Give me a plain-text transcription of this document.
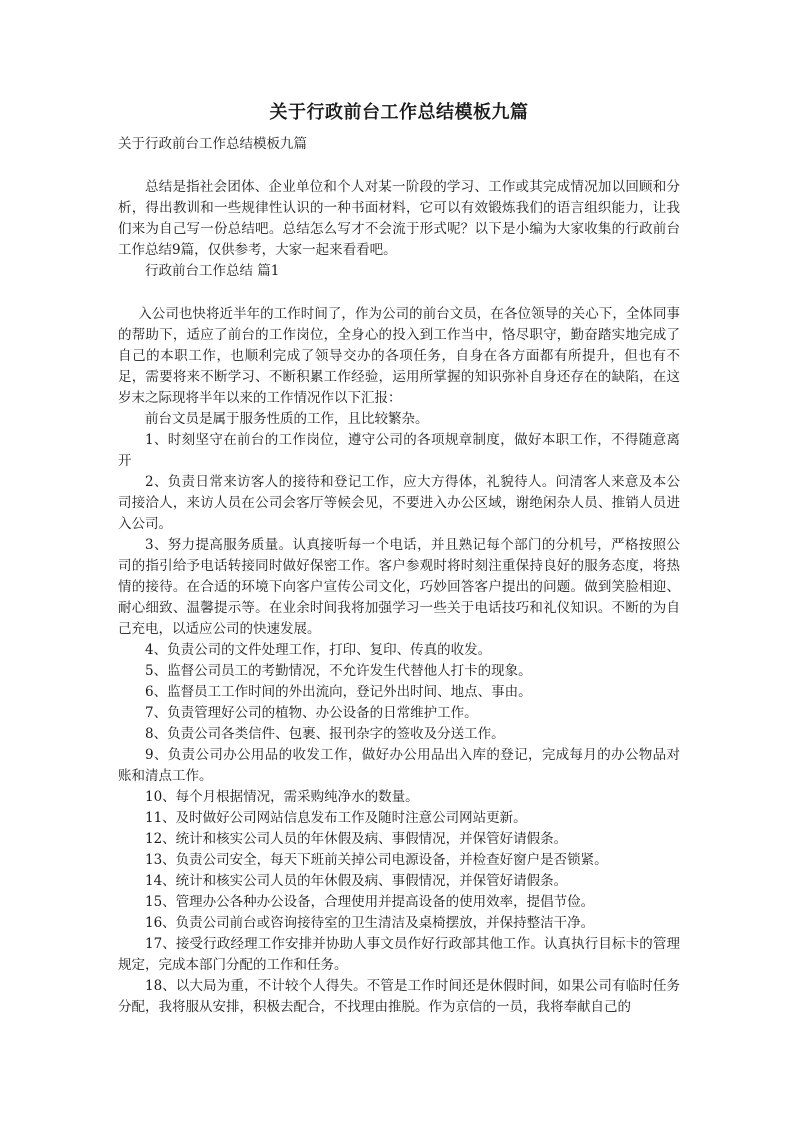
关于行政前台工作总结模板九篇

关于行政前台工作总结模板九篇

总结是指社会团体、企业单位和个人对某一阶段的学习、工作或其完成情况加以回顾和分析，得出教训和一些规律性认识的一种书面材料，它可以有效锻炼我们的语言组织能力，让我们来为自己写一份总结吧。总结怎么写才不会流于形式呢？以下是小编为大家收集的行政前台工作总结9篇，仅供参考，大家一起来看看吧。

行政前台工作总结 篇1

入公司也快将近半年的工作时间了，作为公司的前台文员，在各位领导的关心下，全体同事的帮助下，适应了前台的工作岗位，全身心的投入到工作当中，恪尽职守，勤奋踏实地完成了自己的本职工作，也顺利完成了领导交办的各项任务，自身在各方面都有所提升，但也有不足，需要将来不断学习、不断积累工作经验，运用所掌握的知识弥补自身还存在的缺陷，在这岁末之际现将半年以来的工作情况作以下汇报：

前台文员是属于服务性质的工作，且比较繁杂。

1、时刻坚守在前台的工作岗位，遵守公司的各项规章制度，做好本职工作，不得随意离开

2、负责日常来访客人的接待和登记工作，应大方得体，礼貌待人。问清客人来意及本公司接洽人，来访人员在公司会客厅等候会见，不要进入办公区域，谢绝闲杂人员、推销人员进入公司。

3、努力提高服务质量。认真接听每一个电话，并且熟记每个部门的分机号，严格按照公司的指引给予电话转接同时做好保密工作。客户参观时将时刻注重保持良好的服务态度，将热情的接待。在合适的环境下向客户宣传公司文化，巧妙回答客户提出的问题。做到笑脸相迎、耐心细致、温馨提示等。在业余时间我将加强学习一些关于电话技巧和礼仪知识。不断的为自己充电，以适应公司的快速发展。

4、负责公司的文件处理工作，打印、复印、传真的收发。

5、监督公司员工的考勤情况，不允许发生代替他人打卡的现象。

6、监督员工工作时间的外出流向，登记外出时间、地点、事由。

7、负责管理好公司的植物、办公设备的日常维护工作。

8、负责公司各类信件、包裹、报刊杂字的签收及分送工作。

9、负责公司办公用品的收发工作，做好办公用品出入库的登记，完成每月的办公物品对账和清点工作。

10、每个月根据情况，需采购纯净水的数量。

11、及时做好公司网站信息发布工作及随时注意公司网站更新。

12、统计和核实公司人员的年休假及病、事假情况，并保管好请假条。

13、负责公司安全，每天下班前关掉公司电源设备，并检查好窗户是否锁紧。

14、统计和核实公司人员的年休假及病、事假情况，并保管好请假条。

15、管理办公各种办公设备，合理使用并提高设备的使用效率，提倡节俭。

16、负责公司前台或咨询接待室的卫生清洁及桌椅摆放，并保持整洁干净。

17、接受行政经理工作安排并协助人事文员作好行政部其他工作。认真执行目标卡的管理规定，完成本部门分配的工作和任务。

18、以大局为重，不计较个人得失。不管是工作时间还是休假时间，如果公司有临时任务分配，我将服从安排，积极去配合，不找理由推脱。作为京信的一员，我将奉献自己的
